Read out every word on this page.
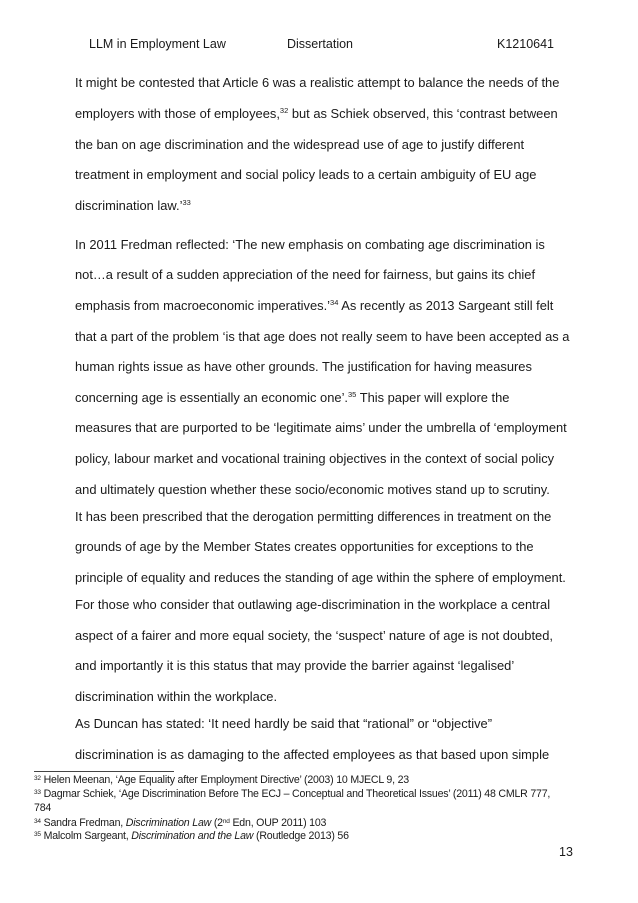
LLM in Employment Law	Dissertation	K1210641
It might be contested that Article 6 was a realistic attempt to balance the needs of the
employers with those of employees,$^{32}$ but as Schiek observed, this ‘contrast between
the ban on age discrimination and the widespread use of age to justify different
treatment in employment and social policy leads to a certain ambiguity of EU age
discrimination law.’$^{33}$
In 2011 Fredman reflected: ‘The new emphasis on combating age discrimination is
not…a result of a sudden appreciation of the need for fairness, but gains its chief
emphasis from macroeconomic imperatives.’$^{34}$ As recently as 2013 Sargeant still felt
that a part of the problem ‘is that age does not really seem to have been accepted as a
human rights issue as have other grounds. The justification for having measures
concerning age is essentially an economic one’.$^{35}$ This paper will explore the
measures that are purported to be ‘legitimate aims’ under the umbrella of ‘employment
policy, labour market and vocational training objectives in the context of social policy
and ultimately question whether these socio/economic motives stand up to scrutiny.
It has been prescribed that the derogation permitting differences in treatment on the
grounds of age by the Member States creates opportunities for exceptions to the
principle of equality and reduces the standing of age within the sphere of employment.
For those who consider that outlawing age-discrimination in the workplace a central
aspect of a fairer and more equal society, the ‘suspect’ nature of age is not doubted,
and importantly it is this status that may provide the barrier against ‘legalised’
discrimination within the workplace.
As Duncan has stated: ‘It need hardly be said that “rational” or “objective”
discrimination is as damaging to the affected employees as that based upon simple
$^{32}$ Helen Meenan, ‘Age Equality after Employment Directive’ (2003) 10 MJECL 9, 23
$^{33}$ Dagmar Schiek, ‘Age Discrimination Before The ECJ – Conceptual and Theoretical Issues’ (2011) 48 CMLR 777,
784
$^{34}$ Sandra Fredman, Discrimination Law (2nd Edn, OUP 2011) 103
$^{35}$ Malcolm Sargeant, Discrimination and the Law (Routledge 2013) 56
13
